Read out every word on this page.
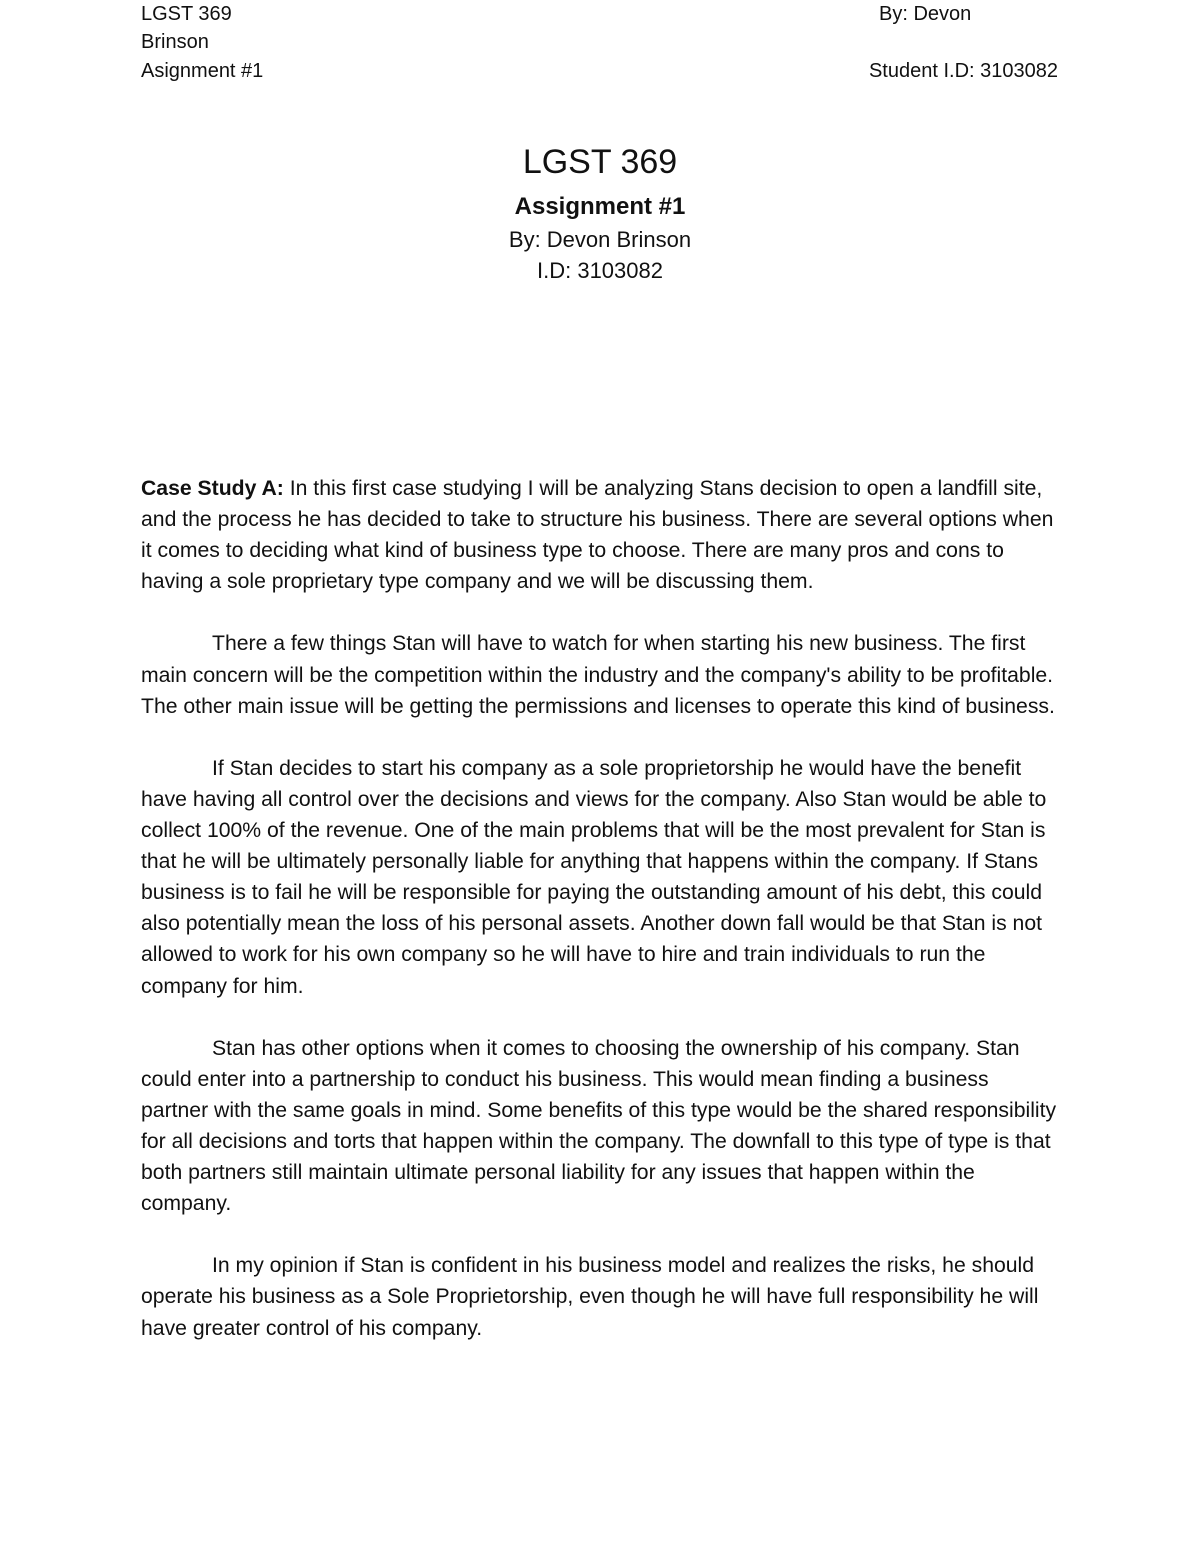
LGST 369	By: Devon
Brinson
Asignment #1	Student I.D: 3103082

LGST 369

Assignment #1

By: Devon Brinson

I.D: 3103082

Case Study A: In this first case studying I will be analyzing Stans decision to open a landfill site, and the process he has decided to take to structure his business. There are several options when it comes to deciding what kind of business type to choose. There are many pros and cons to having a sole proprietary type company and we will be discussing them.

There a few things Stan will have to watch for when starting his new business. The first main concern will be the competition within the industry and the company's ability to be profitable. The other main issue will be getting the permissions and licenses to operate this kind of business.

If Stan decides to start his company as a sole proprietorship he would have the benefit have having all control over the decisions and views for the company. Also Stan would be able to collect 100% of the revenue. One of the main problems that will be the most prevalent for Stan is that he will be ultimately personally liable for anything that happens within the company. If Stans business is to fail he will be responsible for paying the outstanding amount of his debt, this could also potentially mean the loss of his personal assets. Another down fall would be that Stan is not allowed to work for his own company so he will have to hire and train individuals to run the company for him.

Stan has other options when it comes to choosing the ownership of his company. Stan could enter into a partnership to conduct his business. This would mean finding a business partner with the same goals in mind. Some benefits of this type would be the shared responsibility for all decisions and torts that happen within the company. The downfall to this type of type is that both partners still maintain ultimate personal liability for any issues that happen within the company.

In my opinion if Stan is confident in his business model and realizes the risks, he should operate his business as a Sole Proprietorship, even though he will have full responsibility he will have greater control of his company.
